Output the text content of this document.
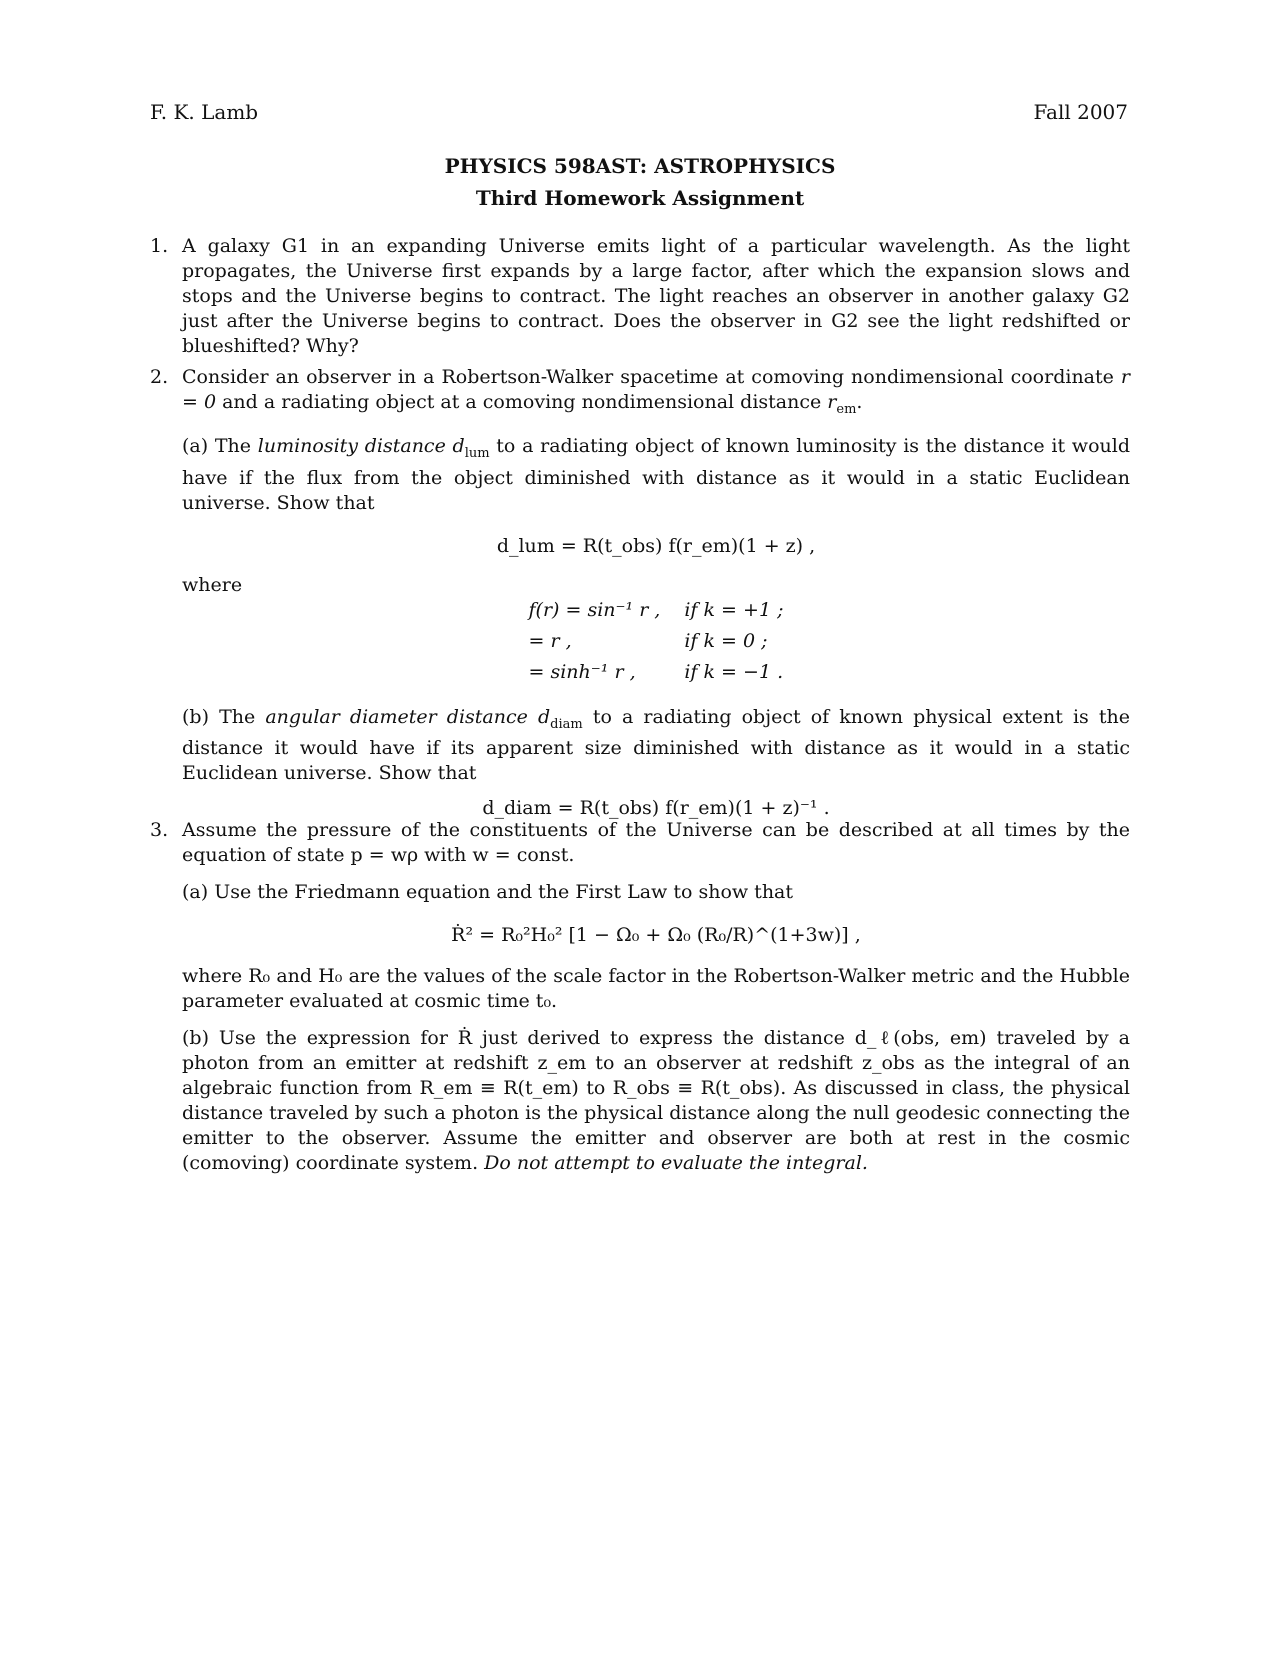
F. K. Lamb	Fall 2007
PHYSICS 598AST: ASTROPHYSICS
Third Homework Assignment
1. A galaxy G1 in an expanding Universe emits light of a particular wavelength. As the light propagates, the Universe first expands by a large factor, after which the expansion slows and stops and the Universe begins to contract. The light reaches an observer in another galaxy G2 just after the Universe begins to contract. Does the observer in G2 see the light redshifted or blueshifted? Why?

2. Consider an observer in a Robertson-Walker spacetime at comoving nondimensional coordinate r = 0 and a radiating object at a comoving nondimensional distance $r_{em}$.

(a) The luminosity distance $d_{lum}$ to a radiating object of known luminosity is the distance it would have if the flux from the object diminished with distance as it would in a static Euclidean universe. Show that

d_lum = R(t_obs) f(r_em)(1 + z) ,

where

f(r) = sin⁻¹ r , if k = +1 ;
= r ,	if k = 0 ;
= sinh⁻¹ r ,	if k = −1 .

(b) The angular diameter distance $d_{diam}$ to a radiating object of known physical extent is the distance it would have if its apparent size diminished with distance as it would in a static Euclidean universe. Show that

d_diam = R(t_obs) f(r_em)(1 + z)⁻¹ .
3. Assume the pressure of the constituents of the Universe can be described at all times by the equation of state p = wρ with w = const.

(a) Use the Friedmann equation and the First Law to show that

Ṙ² = R₀²H₀² [1 − Ω₀ + Ω₀ (R₀/R)^(1+3w)] ,

where R₀ and H₀ are the values of the scale factor in the Robertson-Walker metric and the Hubble parameter evaluated at cosmic time t₀.

(b) Use the expression for Ṙ just derived to express the distance d_ℓ(obs, em) traveled by a photon from an emitter at redshift z_em to an observer at redshift z_obs as the integral of an algebraic function from R_em ≡ R(t_em) to R_obs ≡ R(t_obs). As discussed in class, the physical distance traveled by such a photon is the physical distance along the null geodesic connecting the emitter to the observer. Assume the emitter and observer are both at rest in the cosmic (comoving) coordinate system. Do not attempt to evaluate the integral.
